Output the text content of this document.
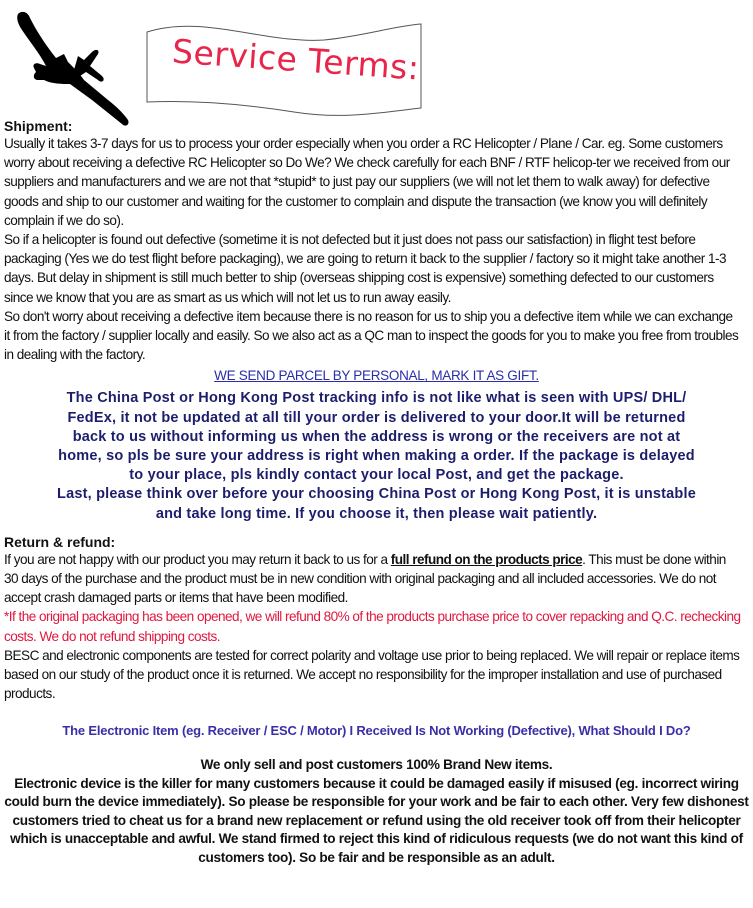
Service Terms:
Shipment:

Usually it takes 3-7 days for us to process your order especially when you order a RC Helicopter / Plane / Car. eg. Some customers worry about receiving a defective RC Helicopter so Do We? We check carefully for each BNF / RTF helicop-ter we received from our suppliers and manufacturers and we are not that *stupid* to just pay our suppliers (we will not let them to walk away) for defective goods and ship to our customer and waiting for the customer to complain and dispute the transaction (we know you will definitely complain if we do so).

So if a helicopter is found out defective (sometime it is not defected but it just does not pass our satisfaction) in flight test before packaging (Yes we do test flight before packaging), we are going to return it back to the supplier / factory so it might take another 1-3 days. But delay in shipment is still much better to ship (overseas shipping cost is expensive) something defected to our customers since we know that you are as smart as us which will not let us to run away easily.

So don't worry about receiving a defective item because there is no reason for us to ship you a defective item while we can exchange it from the factory / supplier locally and easily. So we also act as a QC man to inspect the goods for you to make you free from troubles in dealing with the factory.

WE SEND PARCEL BY PERSONAL, MARK IT AS GIFT.

The China Post or Hong Kong Post tracking info is not like what is seen with UPS/ DHL/

FedEx, it not be updated at all till your order is delivered to your door.It will be returned

back to us without informing us when the address is wrong or the receivers are not at

home, so pls be sure your address is right when making a order. If the package is delayed

to your place, pls kindly contact your local Post, and get the package.

Last, please think over before your choosing China Post or Hong Kong Post, it is unstable

and take long time. If you choose it, then please wait patiently.

Return & refund:

If you are not happy with our product you may return it back to us for a full refund on the products price. This must be done within 30 days of the purchase and the product must be in new condition with original packaging and all included accessories. We do not accept crash damaged parts or items that have been modified.

*If the original packaging has been opened, we will refund 80% of the products purchase price to cover repacking and Q.C. rechecking costs. We do not refund shipping costs.

BESC and electronic components are tested for correct polarity and voltage use prior to being replaced. We will repair or replace items based on our study of the product once it is returned. We accept no responsibility for the improper installation and use of purchased products.

The Electronic Item (eg. Receiver / ESC / Motor) I Received Is Not Working (Defective), What Should I Do?

We only sell and post customers 100% Brand New items.

Electronic device is the killer for many customers because it could be damaged easily if misused (eg. incorrect wiring could burn the device immediately). So please be responsible for your work and be fair to each other. Very few dishonest customers tried to cheat us for a brand new replacement or refund using the old receiver took off from their helicopter which is unacceptable and awful. We stand firmed to reject this kind of ridiculous requests (we do not want this kind of customers too). So be fair and be responsible as an adult.
